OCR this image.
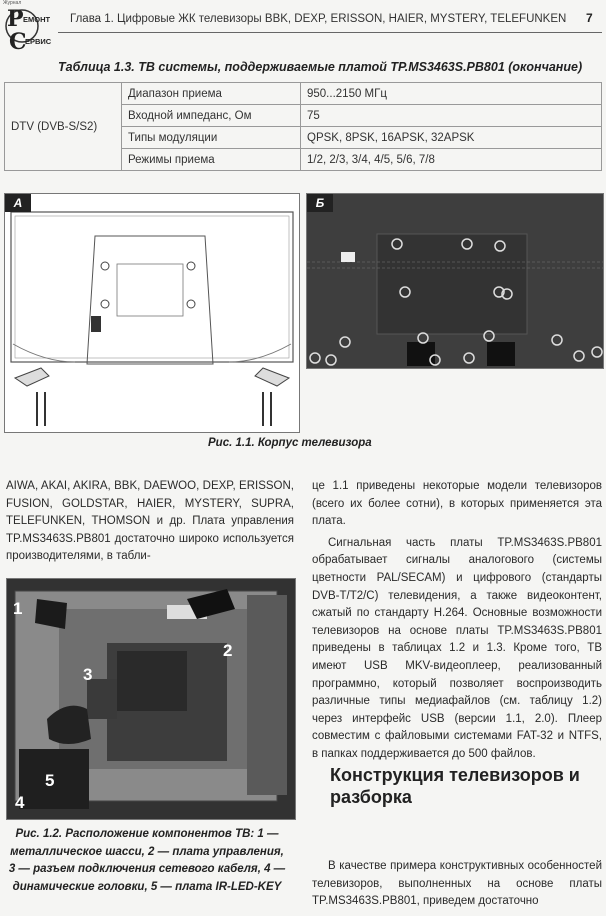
Журнал
Р
С
ЕМОНТ
ЕРВИС
Глава 1. Цифровые ЖК телевизоры BBK, DEXP, ERISSON, HAIER, MYSTERY, TELEFUNKEN 7
Таблица 1.3. ТВ системы, поддерживаемые платой TP.MS3463S.PB801 (окончание)
DTV (DVB-S/S2)	Диапазон приема	950...2150 МГц
	Входной импеданс, Ом	75
	Типы модуляции	QPSK, 8PSK, 16APSK, 32APSK
	Режимы приема	1/2, 2/3, 3/4, 4/5, 5/6, 7/8
А	Б
Рис. 1.1. Корпус телевизора
AIWA, AKAI, AKIRA, BBK, DAEWOO, DEXP, ERISSON, FUSION, GOLDSTAR, HAIER, MYSTERY, SUPRA, TELEFUNKEN, THOMSON и др. Плата управления TP.MS3463S.PB801 достаточно широко используется производителями, в табли-
1
2
3
4
5
Рис. 1.2. Расположение компонентов ТВ: 1 — металлическое шасси, 2 — плата управления, 3 — разъем подключения сетевого кабеля, 4 — динамические головки, 5 — плата IR-LED-KEY

це 1.1 приведены некоторые модели телевизоров (всего их более сотни), в которых применяется эта плата.

Сигнальная часть платы TP.MS3463S.PB801 обрабатывает сигналы аналогового (системы цветности PAL/SECAM) и цифрового (стандарты DVB-T/T2/C) телевидения, а также видеоконтент, сжатый по стандарту H.264. Основные возможности телевизоров на основе платы TP.MS3463S.PB801 приведены в таблицах 1.2 и 1.3. Кроме того, ТВ имеют USB MKV-видеоплеер, реализованный программно, который позволяет воспроизводить различные типы медиафайлов (см. таблицу 1.2) через интерфейс USB (версии 1.1, 2.0). Плеер совместим с файловыми системами FAT-32 и NTFS, в папках поддерживается до 500 файлов.

Конструкция телевизоров и разборка
В качестве примера конструктивных особенностей телевизоров, выполненных на основе платы TP.MS3463S.PB801, приведем достаточно
